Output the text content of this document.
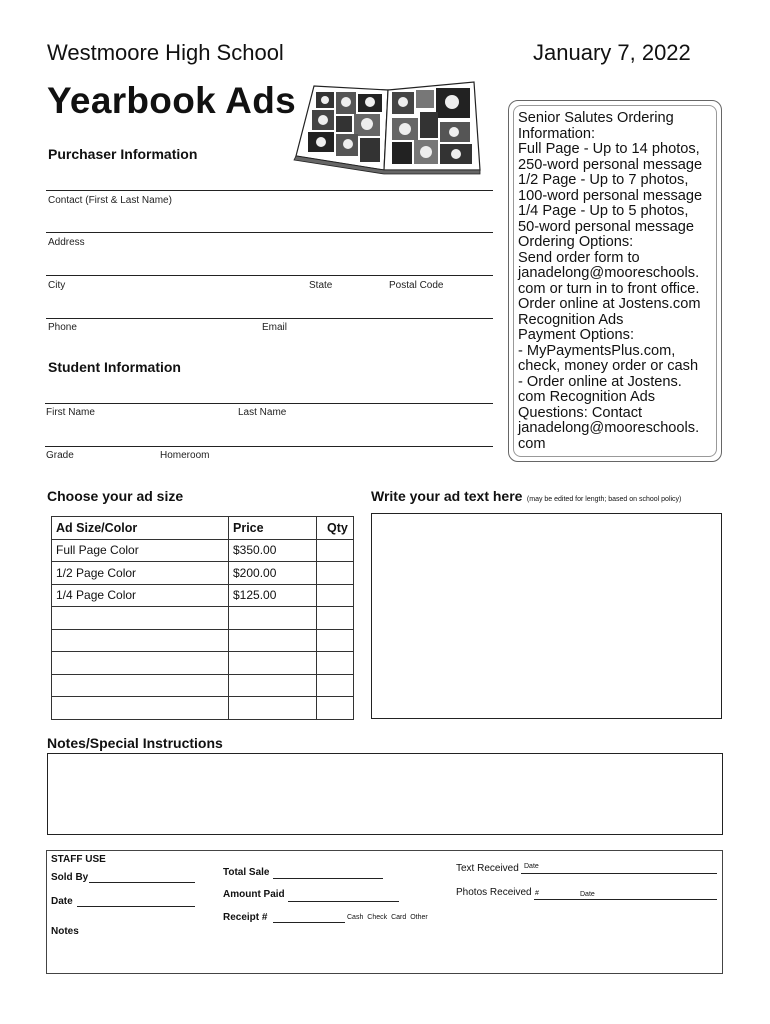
Westmoore High School	January 7, 2022
Yearbook Ads
Purchaser Information
Contact (First & Last Name)
Address
City	State	Postal Code
Phone	Email
Student Information
First Name	Last Name
Grade	Homeroom
Senior Salutes Ordering
Information:
Full Page - Up to 14 photos,
250-word personal message
1/2 Page - Up to 7 photos,
100-word personal message
1/4 Page - Up to 5 photos,
50-word personal message
Ordering Options:
Send order form to
janadelong@mooreschools.
com or turn in to front office.
Order online at Jostens.com
Recognition Ads
Payment Options:
- MyPaymentsPlus.com,
check, money order or cash
- Order online at Jostens.
com Recognition Ads
Questions: Contact
janadelong@mooreschools.
com
Choose your ad size
Ad Size/Color	Price	Qty
Full Page Color	$350.00	
1/2 Page Color	$200.00	
1/4 Page Color	$125.00	

Write your ad text here (may be edited for length; based on school policy)
Notes/Special Instructions
STAFF USE
Sold By
Date
Notes
Total Sale
Amount Paid
Receipt #	Cash Check Card Other
Text Received Date
Photos Received #	Date
